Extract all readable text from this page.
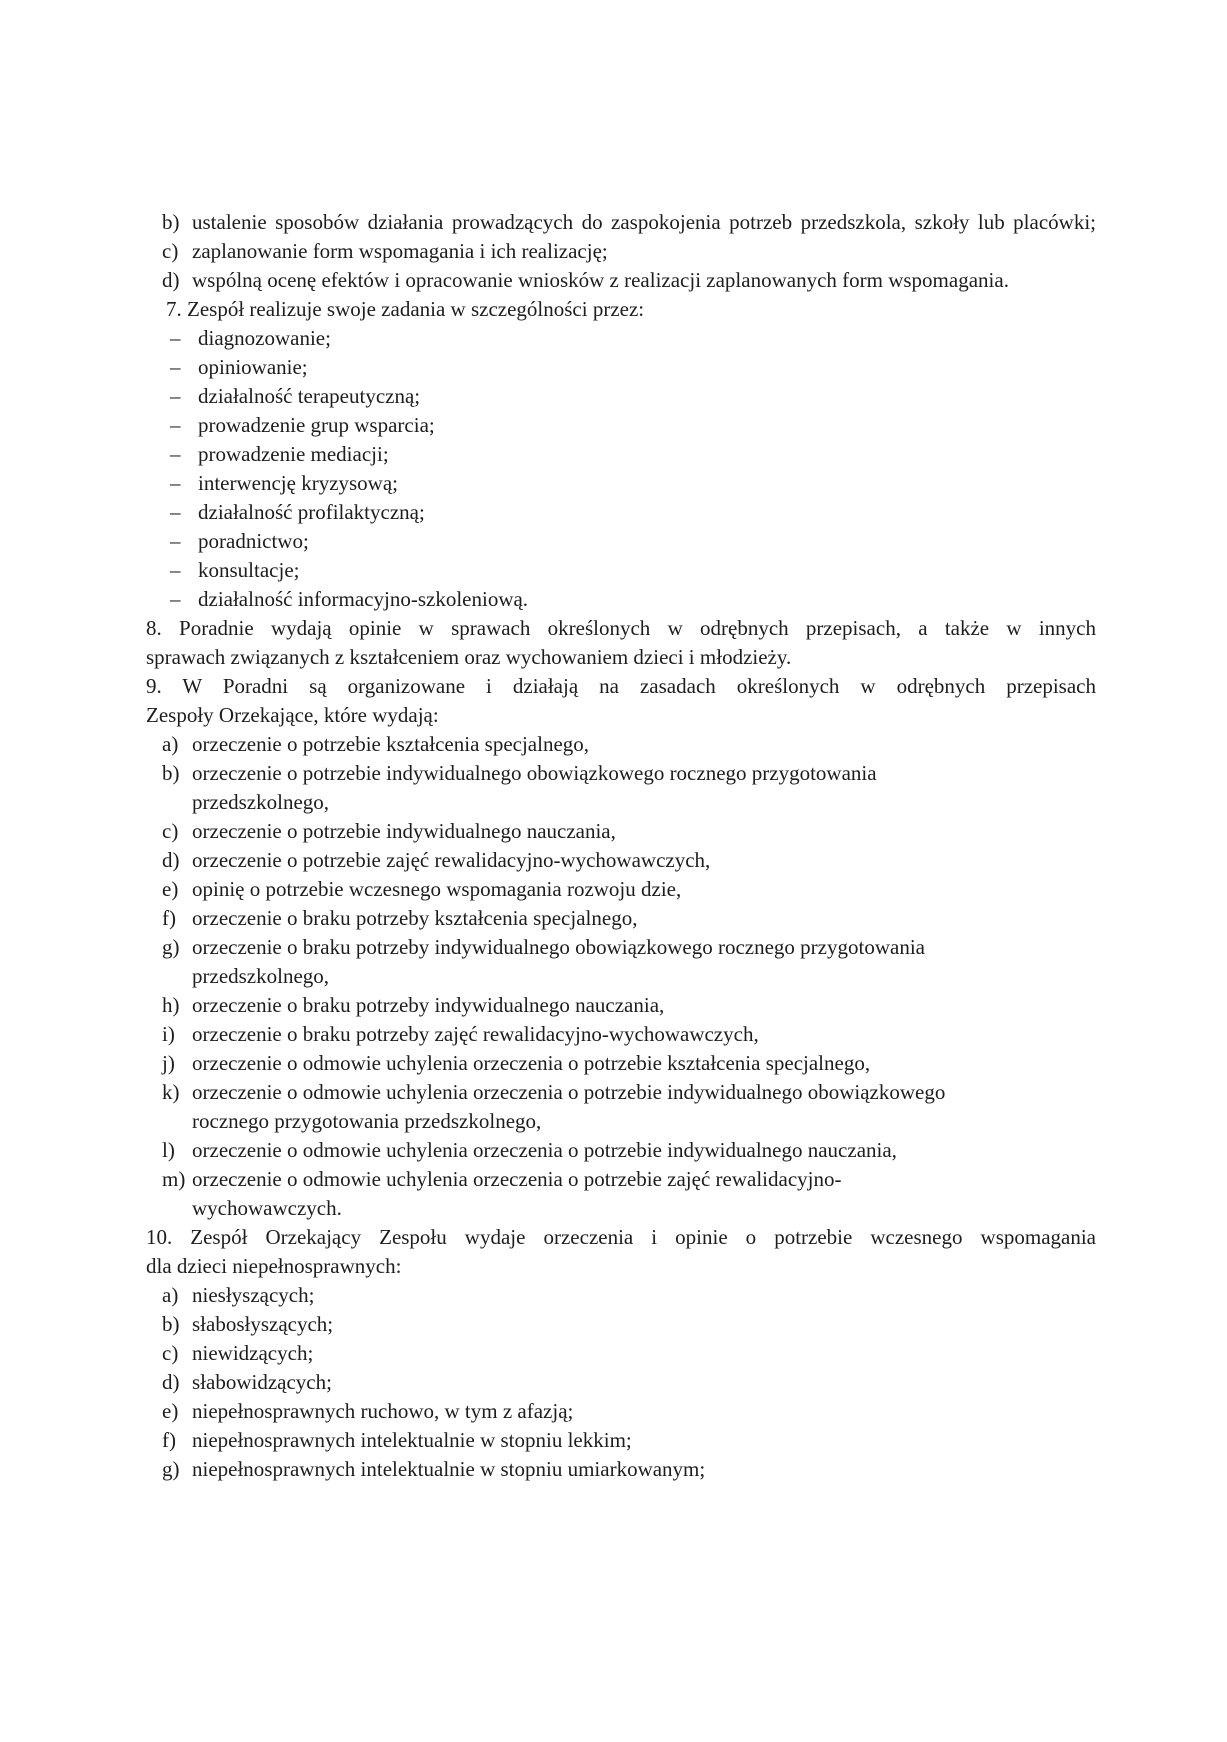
b) ustalenie sposobów działania prowadzących do zaspokojenia potrzeb przedszkola, szkoły lub placówki;
c) zaplanowanie form wspomagania i ich realizację;
d) wspólną ocenę efektów i opracowanie wniosków z realizacji zaplanowanych form wspomagania.
7. Zespół realizuje swoje zadania w szczególności przez:
– diagnozowanie;
– opiniowanie;
– działalność terapeutyczną;
– prowadzenie grup wsparcia;
– prowadzenie mediacji;
– interwencję kryzysową;
– działalność profilaktyczną;
– poradnictwo;
– konsultacje;
– działalność informacyjno-szkoleniową.
8. Poradnie wydają opinie w sprawach określonych w odrębnych przepisach, a także w innych
sprawach związanych z kształceniem oraz wychowaniem dzieci i młodzieży.
9. W Poradni są organizowane i działają na zasadach określonych w odrębnych przepisach
Zespoły Orzekające, które wydają:
a) orzeczenie o potrzebie kształcenia specjalnego,
b) orzeczenie o potrzebie indywidualnego obowiązkowego rocznego przygotowania
przedszkolnego,
c) orzeczenie o potrzebie indywidualnego nauczania,
d) orzeczenie o potrzebie zajęć rewalidacyjno-wychowawczych,
e) opinię o potrzebie wczesnego wspomagania rozwoju dzie,
f) orzeczenie o braku potrzeby kształcenia specjalnego,
g) orzeczenie o braku potrzeby indywidualnego obowiązkowego rocznego przygotowania
przedszkolnego,
h) orzeczenie o braku potrzeby indywidualnego nauczania,
i) orzeczenie o braku potrzeby zajęć rewalidacyjno-wychowawczych,
j) orzeczenie o odmowie uchylenia orzeczenia o potrzebie kształcenia specjalnego,
k) orzeczenie o odmowie uchylenia orzeczenia o potrzebie indywidualnego obowiązkowego
rocznego przygotowania przedszkolnego,
l) orzeczenie o odmowie uchylenia orzeczenia o potrzebie indywidualnego nauczania,
m) orzeczenie o odmowie uchylenia orzeczenia o potrzebie zajęć rewalidacyjno-
wychowawczych.
10. Zespół Orzekający Zespołu wydaje orzeczenia i opinie o potrzebie wczesnego wspomagania
dla dzieci niepełnosprawnych:
a) niesłyszących;
b) słabosłyszących;
c) niewidzących;
d) słabowidzących;
e) niepełnosprawnych ruchowo, w tym z afazją;
f) niepełnosprawnych intelektualnie w stopniu lekkim;
g) niepełnosprawnych intelektualnie w stopniu umiarkowanym;
